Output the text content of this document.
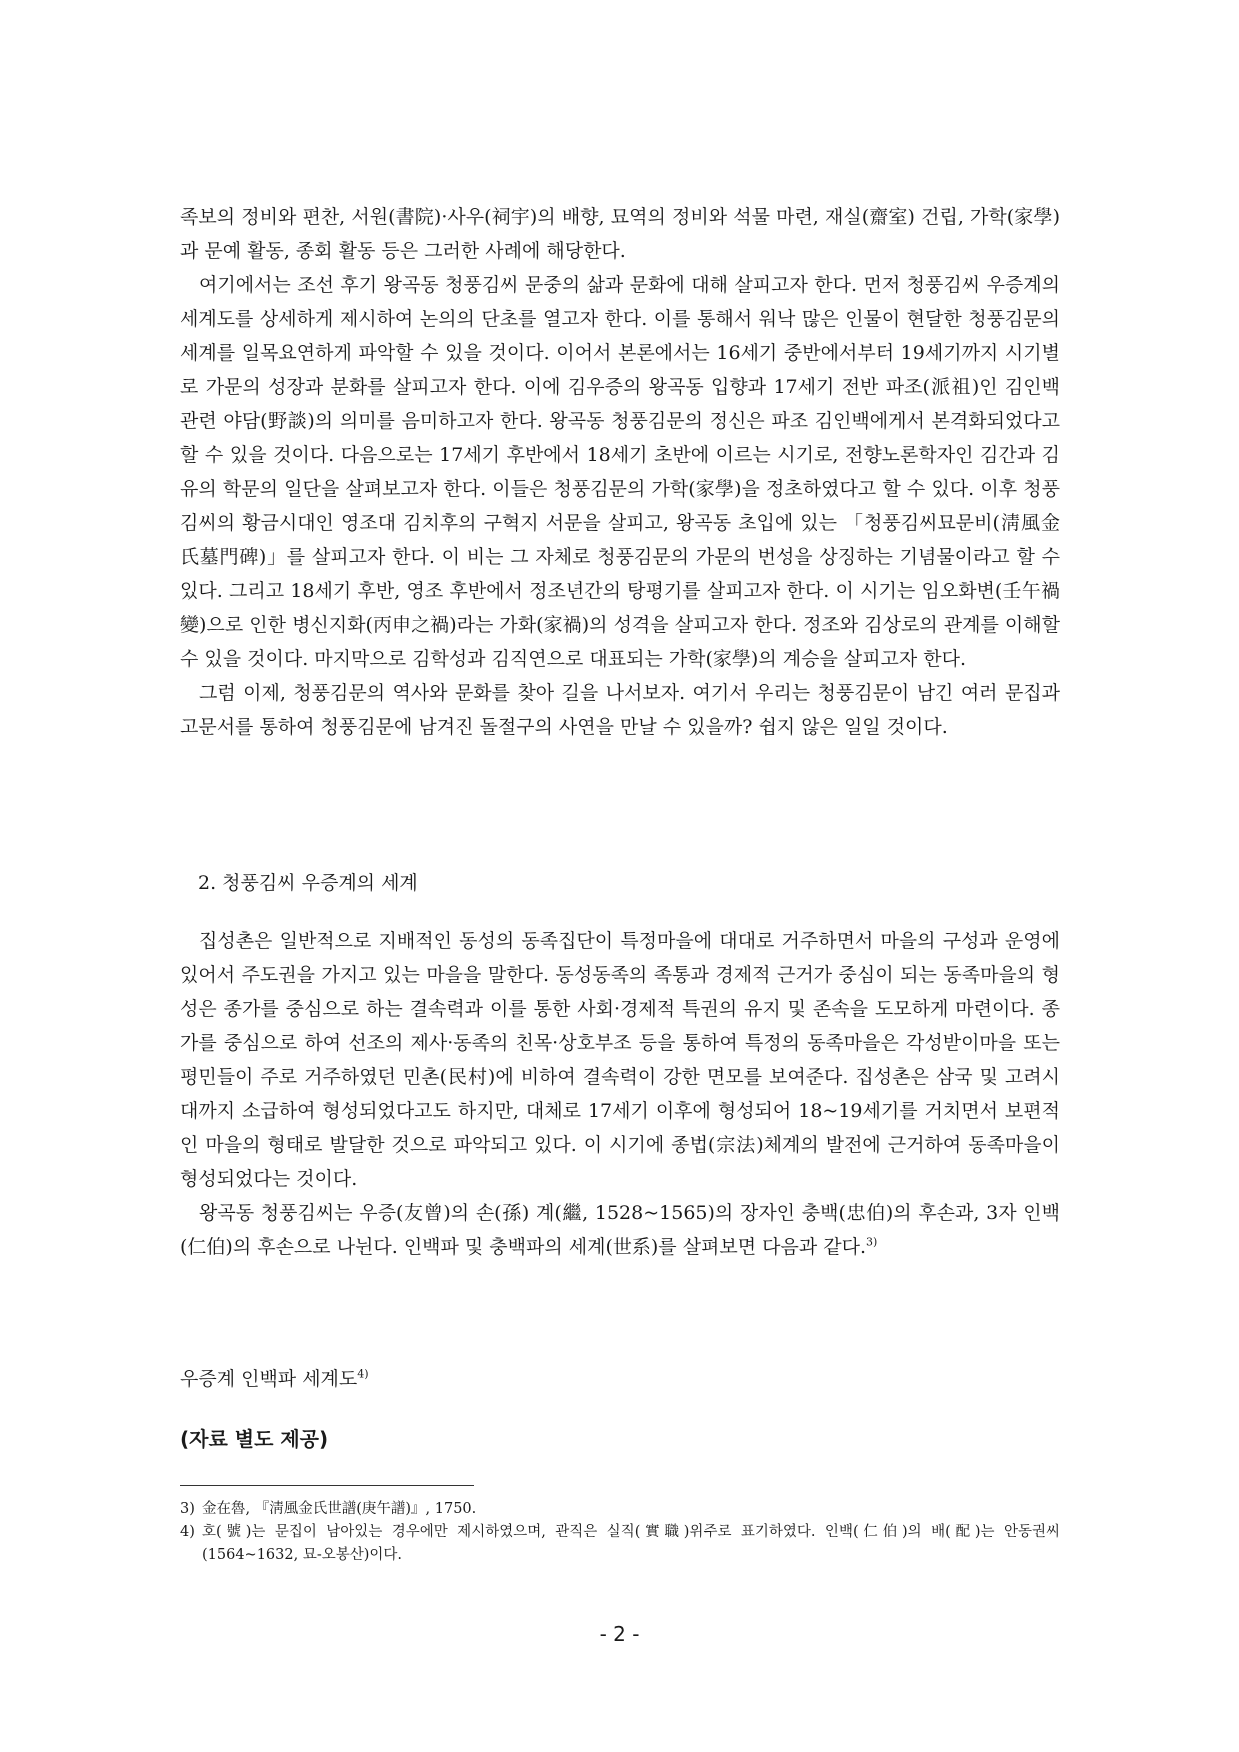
족보의 정비와 편찬, 서원(書院)·사우(祠宇)의 배향, 묘역의 정비와 석물 마련, 재실(齋室) 건립, 가학(家學)과 문예 활동, 종회 활동 등은 그러한 사례에 해당한다.

여기에서는 조선 후기 왕곡동 청풍김씨 문중의 삶과 문화에 대해 살피고자 한다. 먼저 청풍김씨 우증계의 세계도를 상세하게 제시하여 논의의 단초를 열고자 한다. 이를 통해서 워낙 많은 인물이 현달한 청풍김문의 세계를 일목요연하게 파악할 수 있을 것이다. 이어서 본론에서는 16세기 중반에서부터 19세기까지 시기별로 가문의 성장과 분화를 살피고자 한다. 이에 김우증의 왕곡동 입향과 17세기 전반 파조(派祖)인 김인백 관련 야담(野談)의 의미를 음미하고자 한다. 왕곡동 청풍김문의 정신은 파조 김인백에게서 본격화되었다고 할 수 있을 것이다. 다음으로는 17세기 후반에서 18세기 초반에 이르는 시기로, 전향노론학자인 김간과 김유의 학문의 일단을 살펴보고자 한다. 이들은 청풍김문의 가학(家學)을 정초하였다고 할 수 있다. 이후 청풍김씨의 황금시대인 영조대 김치후의 구혁지 서문을 살피고, 왕곡동 초입에 있는 「청풍김씨묘문비(淸風金氏墓門碑)」를 살피고자 한다. 이 비는 그 자체로 청풍김문의 가문의 번성을 상징하는 기념물이라고 할 수 있다. 그리고 18세기 후반, 영조 후반에서 정조년간의 탕평기를 살피고자 한다. 이 시기는 임오화변(壬午禍變)으로 인한 병신지화(丙申之禍)라는 가화(家禍)의 성격을 살피고자 한다. 정조와 김상로의 관계를 이해할 수 있을 것이다. 마지막으로 김학성과 김직연으로 대표되는 가학(家學)의 계승을 살피고자 한다.

그럼 이제, 청풍김문의 역사와 문화를 찾아 길을 나서보자. 여기서 우리는 청풍김문이 남긴 여러 문집과 고문서를 통하여 청풍김문에 남겨진 돌절구의 사연을 만날 수 있을까? 쉽지 않은 일일 것이다.

2. 청풍김씨 우증계의 세계

집성촌은 일반적으로 지배적인 동성의 동족집단이 특정마을에 대대로 거주하면서 마을의 구성과 운영에 있어서 주도권을 가지고 있는 마을을 말한다. 동성동족의 족통과 경제적 근거가 중심이 되는 동족마을의 형성은 종가를 중심으로 하는 결속력과 이를 통한 사회·경제적 특권의 유지 및 존속을 도모하게 마련이다. 종가를 중심으로 하여 선조의 제사·동족의 친목·상호부조 등을 통하여 특정의 동족마을은 각성받이마을 또는 평민들이 주로 거주하였던 민촌(民村)에 비하여 결속력이 강한 면모를 보여준다. 집성촌은 삼국 및 고려시대까지 소급하여 형성되었다고도 하지만, 대체로 17세기 이후에 형성되어 18~19세기를 거치면서 보편적인 마을의 형태로 발달한 것으로 파악되고 있다. 이 시기에 종법(宗法)체계의 발전에 근거하여 동족마을이 형성되었다는 것이다.

왕곡동 청풍김씨는 우증(友曾)의 손(孫) 계(繼, 1528~1565)의 장자인 충백(忠伯)의 후손과, 3자 인백(仁伯)의 후손으로 나뉜다. 인백파 및 충백파의 세계(世系)를 살펴보면 다음과 같다.$^{3)}$

우증계 인백파 세계도$^{4)}$
(자료 별도 제공)
3) 金在魯, 『淸風金氏世譜(庚午譜)』, 1750.
4) 호(號)는 문집이 남아있는 경우에만 제시하였으며, 관직은 실직(實職)위주로 표기하였다. 인백(仁伯)의 배(配)는 안동권씨(1564~1632, 묘-오봉산)이다.
- 2 -
